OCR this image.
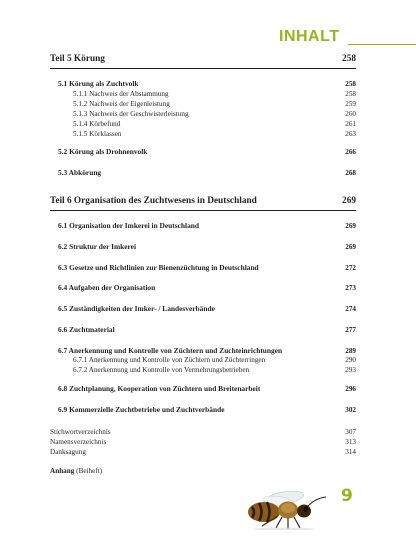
INHALT
Teil 5 Körung	258
5.1 Körung als Zuchtvolk	258
5.1.1 Nachweis der Abstammung	258
5.1.2 Nachweis der Eigenleistung	259
5.1.3 Nachweis der Geschwisterleistung	260
5.1.4 Körbefund	261
5.1.5 Körklassen	263
5.2 Körung als Drohnenvolk	266
5.3 Abkörung	268
Teil 6 Organisation des Zuchtwesens in Deutschland	269
6.1 Organisation der Imkerei in Deutschland	269
6.2 Struktur der Imkerei	269
6.3 Gesetze und Richtlinien zur Bienenzüchtung in Deutschland	272
6.4 Aufgaben der Organisation	273
6.5 Zuständigkeiten der Imker- / Landesverbände	274
6.6 Zuchtmaterial	277
6.7 Anerkennung und Kontrolle von Züchtern und Zuchteinrichtungen	289
6.7.1 Anerkennung und Kontrolle von Züchtern und Züchterringen	290
6.7.2 Anerkennung und Kontrolle von Vermehrungsbetrieben	293
6.8 Zuchtplanung, Kooperation von Züchtern und Breitenarbeit	296
6.9 Kommerzielle Zuchtbetriebe und Zuchtverbände	302
Stichwortverzeichnis	307
Namensverzeichnis	313
Danksagung	314
Anhang
(Beiheft)
9
